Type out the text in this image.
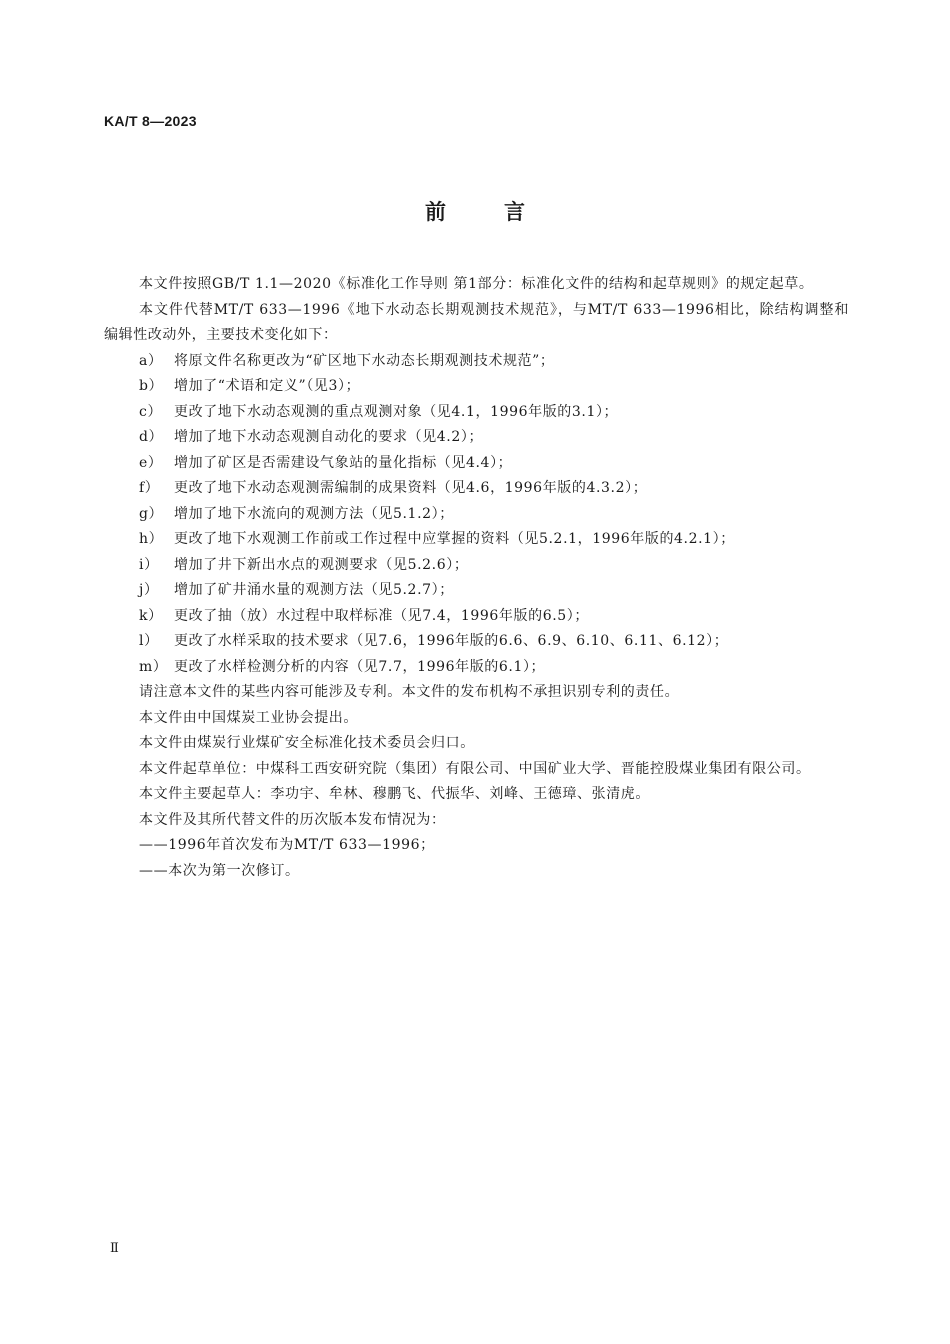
KA/T 8—2023
前言

本文件按照GB/T 1.1—2020《标准化工作导则 第1部分：标准化文件的结构和起草规则》的规定起草。

本文件代替MT/T 633—1996《地下水动态长期观测技术规范》，与MT/T 633—1996相比，除结构调整和编辑性改动外，主要技术变化如下：

a） 将原文件名称更改为“矿区地下水动态长期观测技术规范”；
b） 增加了“术语和定义”（见3）；
c） 更改了地下水动态观测的重点观测对象（见4.1，1996年版的3.1）；
d） 增加了地下水动态观测自动化的要求（见4.2）；
e） 增加了矿区是否需建设气象站的量化指标（见4.4）；
f）	更改了地下水动态观测需编制的成果资料（见4.6，1996年版的4.3.2）；
g） 增加了地下水流向的观测方法（见5.1.2）；
h） 更改了地下水观测工作前或工作过程中应掌握的资料（见5.2.1，1996年版的4.2.1）；
i）	增加了井下新出水点的观测要求（见5.2.6）；
j）	增加了矿井涌水量的观测方法（见5.2.7）；
k） 更改了抽（放）水过程中取样标准（见7.4，1996年版的6.5）；
l）	更改了水样采取的技术要求（见7.6，1996年版的6.6、6.9、6.10、6.11、6.12）；
m） 更改了水样检测分析的内容（见7.7，1996年版的6.1）；

请注意本文件的某些内容可能涉及专利。本文件的发布机构不承担识别专利的责任。

本文件由中国煤炭工业协会提出。

本文件由煤炭行业煤矿安全标准化技术委员会归口。

本文件起草单位：中煤科工西安研究院（集团）有限公司、中国矿业大学、晋能控股煤业集团有限公司。

本文件主要起草人：李功宇、牟林、穆鹏飞、代振华、刘峰、王德璋、张清虎。

本文件及其所代替文件的历次版本发布情况为：

——1996年首次发布为MT/T 633—1996；
——本次为第一次修订。
Ⅱ
